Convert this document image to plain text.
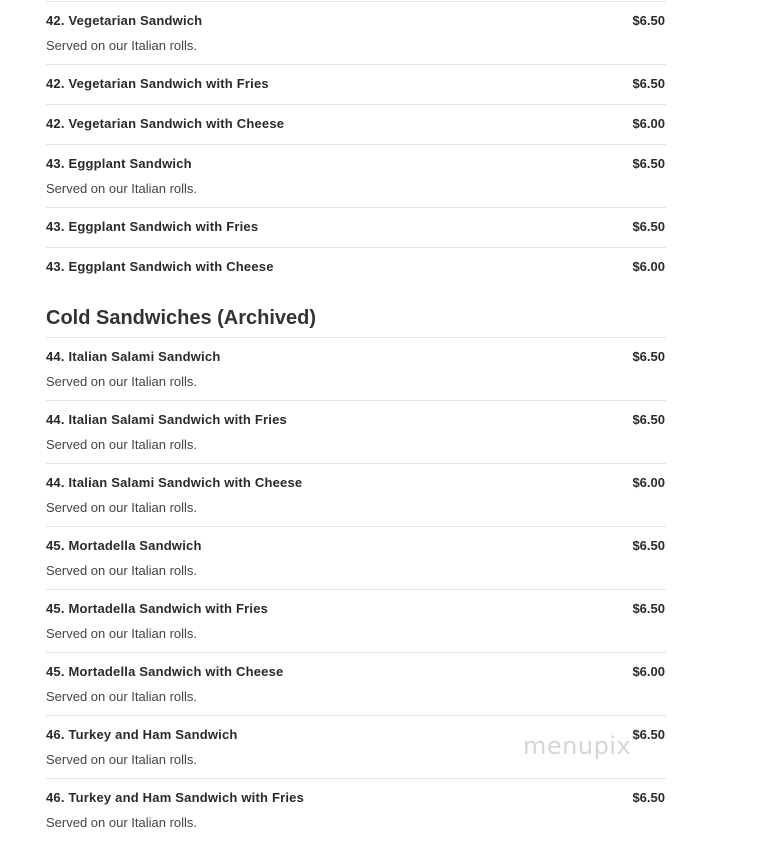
42. Vegetarian Sandwich	$6.50
Served on our Italian rolls.
42. Vegetarian Sandwich with Fries	$6.50
42. Vegetarian Sandwich with Cheese	$6.00
43. Eggplant Sandwich	$6.50
Served on our Italian rolls.
43. Eggplant Sandwich with Fries	$6.50
43. Eggplant Sandwich with Cheese	$6.00
Cold Sandwiches (Archived)
44. Italian Salami Sandwich	$6.50
Served on our Italian rolls.
44. Italian Salami Sandwich with Fries	$6.50
Served on our Italian rolls.
44. Italian Salami Sandwich with Cheese	$6.00
Served on our Italian rolls.
45. Mortadella Sandwich	$6.50
Served on our Italian rolls.
45. Mortadella Sandwich with Fries	$6.50
Served on our Italian rolls.
45. Mortadella Sandwich with Cheese	$6.00
Served on our Italian rolls.
46. Turkey and Ham Sandwich	$6.50
Served on our Italian rolls.
46. Turkey and Ham Sandwich with Fries	$6.50
Served on our Italian rolls.
menupix
